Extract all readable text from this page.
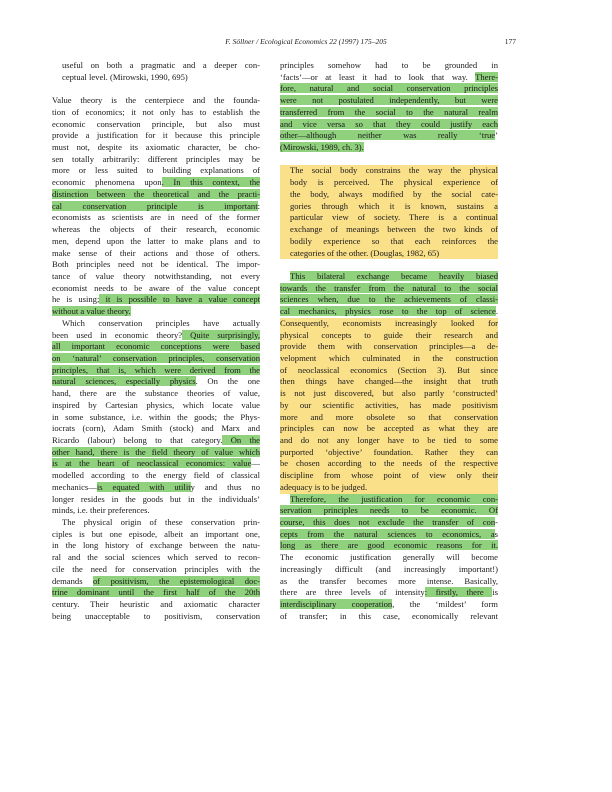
F. Söllner / Ecological Economics 22 (1997) 175–205	177
useful on both a pragmatic and a deeper con-
ceptual level. (Mirowski, 1990, 695)
Value theory is the centerpiece and the founda-
tion of economics; it not only has to establish the
economic conservation principle, but also must
provide a justification for it because this principle
must not, despite its axiomatic character, be cho-
sen totally arbitrarily: different principles may be
more or less suited to building explanations of
economic phenomena upon. In this context, the
distinction between the theoretical and the practi-
cal conservation principle is important:
economists as scientists are in need of the former
whereas the objects of their research, economic
men, depend upon the latter to make plans and to
make sense of their actions and those of others.
Both principles need not be identical. The impor-
tance of value theory notwithstanding, not every
economist needs to be aware of the value concept
he is using; it is possible to have a value concept
without a value theory.
Which conservation principles have actually
been used in economic theory? Quite surprisingly,
all important economic conceptions were based
on ‘natural’ conservation principles, conservation
principles, that is, which were derived from the
natural sciences, especially physics. On the one
hand, there are the substance theories of value,
inspired by Cartesian physics, which locate value
in some substance, i.e. within the goods; the Phys-
iocrats (corn), Adam Smith (stock) and Marx and
Ricardo (labour) belong to that category. On the
other hand, there is the field theory of value which
is at the heart of neoclassical economics: value—
modelled according to the energy field of classical
mechanics—is equated with utility and thus no
longer resides in the goods but in the individuals’
minds, i.e. their preferences.
The physical origin of these conservation prin-
ciples is but one episode, albeit an important one,
in the long history of exchange between the natu-
ral and the social sciences which served to recon-
cile the need for conservation principles with the
demands of positivism, the epistemological doc-
trine dominant until the first half of the 20th
century. Their heuristic and axiomatic character
being unacceptable to positivism, conservation
principles somehow had to be grounded in
‘facts’—or at least it had to look that way. There-
fore, natural and social conservation principles
were not postulated independently, but were
transferred from the social to the natural realm
and vice versa so that they could justify each
other—although neither was really ‘true’
(Mirowski, 1989, ch. 3).
The social body constrains the way the physical
body is perceived. The physical experience of
the body, always modified by the social cate-
gories through which it is known, sustains a
particular view of society. There is a continual
exchange of meanings between the two kinds of
bodily experience so that each reinforces the
categories of the other. (Douglas, 1982, 65)
This bilateral exchange became heavily biased
towards the transfer from the natural to the social
sciences when, due to the achievements of classi-
cal mechanics, physics rose to the top of science.
Consequently, economists increasingly looked for
physical concepts to guide their research and
provide them with conservation principles—a de-
velopment which culminated in the construction
of neoclassical economics (Section 3). But since
then things have changed—the insight that truth
is not just discovered, but also partly ‘constructed’
by our scientific activities, has made positivism
more and more obsolete so that conservation
principles can now be accepted as what they are
and do not any longer have to be tied to some
purported ‘objective’ foundation. Rather they can
be chosen according to the needs of the respective
discipline from whose point of view only their
adequacy is to be judged.
Therefore, the justification for economic con-
servation principles needs to be economic. Of
course, this does not exclude the transfer of con-
cepts from the natural sciences to economics, as
long as there are good economic reasons for it.
The economic justification generally will become
increasingly difficult (and increasingly important!)
as the transfer becomes more intense. Basically,
there are three levels of intensity: firstly, there is
interdisciplinary cooperation, the ‘mildest’ form
of transfer; in this case, economically relevant
